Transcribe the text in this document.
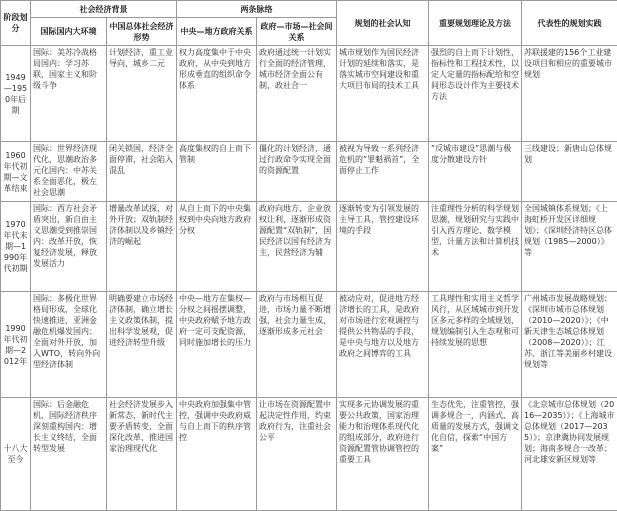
阶段划分	社会经济背景		两条脉络		规划的社会认知	重要规划理论及方法	代表性的规划实践
	国际国内大环境	中国总体社会经济形势	中央—地方政府关系	政府—市场—社会间关系			
1949—1950年后期	国际：美苏冷战格局国内：学习苏联，国家主义和阶级斗争	计划经济，重工业导向，城乡二元	权力高度集中于中央政府，从中央到地方形成垂直的组织命令体系	政府通过统一计划实行全面的经济管理，城市经济全面公有制，政社合一	城市规划作为国民经济计划的延续和落实，是落实城市空间建设和重大项目布局的技术工具	强烈的自上而下计划性，指标性和工程技术性，以定人定量的指标配给和空间形态设计作为主要技术方法	苏联援建的156个工业建设项目和相应的重要城市规划
1960年代初期—文革结束	国际：世界经济现代化，思潮政治多元化国内：中苏关系全面恶化，极左社会思潮	闭关锁国，经济全面停滞，社会陷入混乱	高度集权的自上而下管制	僵化的计划经济，通过行政命令实现全面的资源配置	被视为导致一系列经济危机的“罪魁祸首”，全面停止工作	“反城市建设”思潮与极度分散建设方针	三线建设；新唐山总体规划
1970年代末期—1990年代初期	国际：西方社会矛盾突出，新自由主义思潮受到推崇国内：改革开放，恢复经济发展，释放发展活力	增量改革试探，对外开放；双轨制经济体制以及乡镇经济的崛起	从自上而下的中央集权到中央向地方政府分权	政府向地方、企业放权让利，逐渐形成资源配置“双轨制”，国民经济以国有经济为主，民营经济为辅	逐渐转变为引领发展的主导工具，管控建设环境的手段	注重理性分析的科学规划思潮，规划研究与实践中引入西方理论、数学模型，计量方法和计算机技术	全国城镇体系规划；《上海虹桥开发区详细规划》；《深圳经济特区总体规划（1985—2000）》等
1990年代初期—2012年	国际：多极化世界格局形成，全球化快速推进，亚洲金融危机爆发国内：全面对外开放，加入WTO，转向外向型经济体制	明确要建立市场经济体制，确立增长主义政策体制，提出科学发展观，促进经济转型升级	中央—地方在集权—分权之间摇摆调整，中央政府赋予地方政府一定可支配资源，同时施加增长的压力	政府与市场相互促进，市场力量不断增强，社会力量生成，逐渐形成多元社会	被动应对，促进地方经济增长的工具，是政府对市场进行宏观调控与提供公共物品的手段，是中央与地方以及地方政府之间博弈的工具	工具理性和实用主义哲学风行，从区域城市到开发区多元多样的全域规划，规划编制引入生态观和可持续发展的思想	广州城市发展战略规划；《深圳市城市总体规划（2010—2020）》；《中新天津生态城总体规划（2008—2020）》；江苏、浙江等美丽乡村建设规划等
十八大至今	国际：后金融危机，国际经济秩序深刻重构国内：增长主义终结，全面转型发展	社会经济发展步入新常态，新时代主要矛盾转变，全面深化改革，推进国家治理现代化	中央政府加强集中管控，强调中央政府威与自上而下的秩序管控	让市场在资源配置中起决定性作用，约束政府行为，注重社会公平	实现多元协调发展的重要公共政策，国家治理能力和治理体系现代化的组成部分，政府进行资源配置管协调管控的重要工具	生态优先，注重管控，强调多规合一，内涵式、高质量的发展方式，强调文化自信，探索“中国方案”	《北京城市总体规划（2016—2035）》；《上海城市总体规划（2017—2035）》；京津冀协同发展规划；海南多规合一改革；河北雄安新区规划等
